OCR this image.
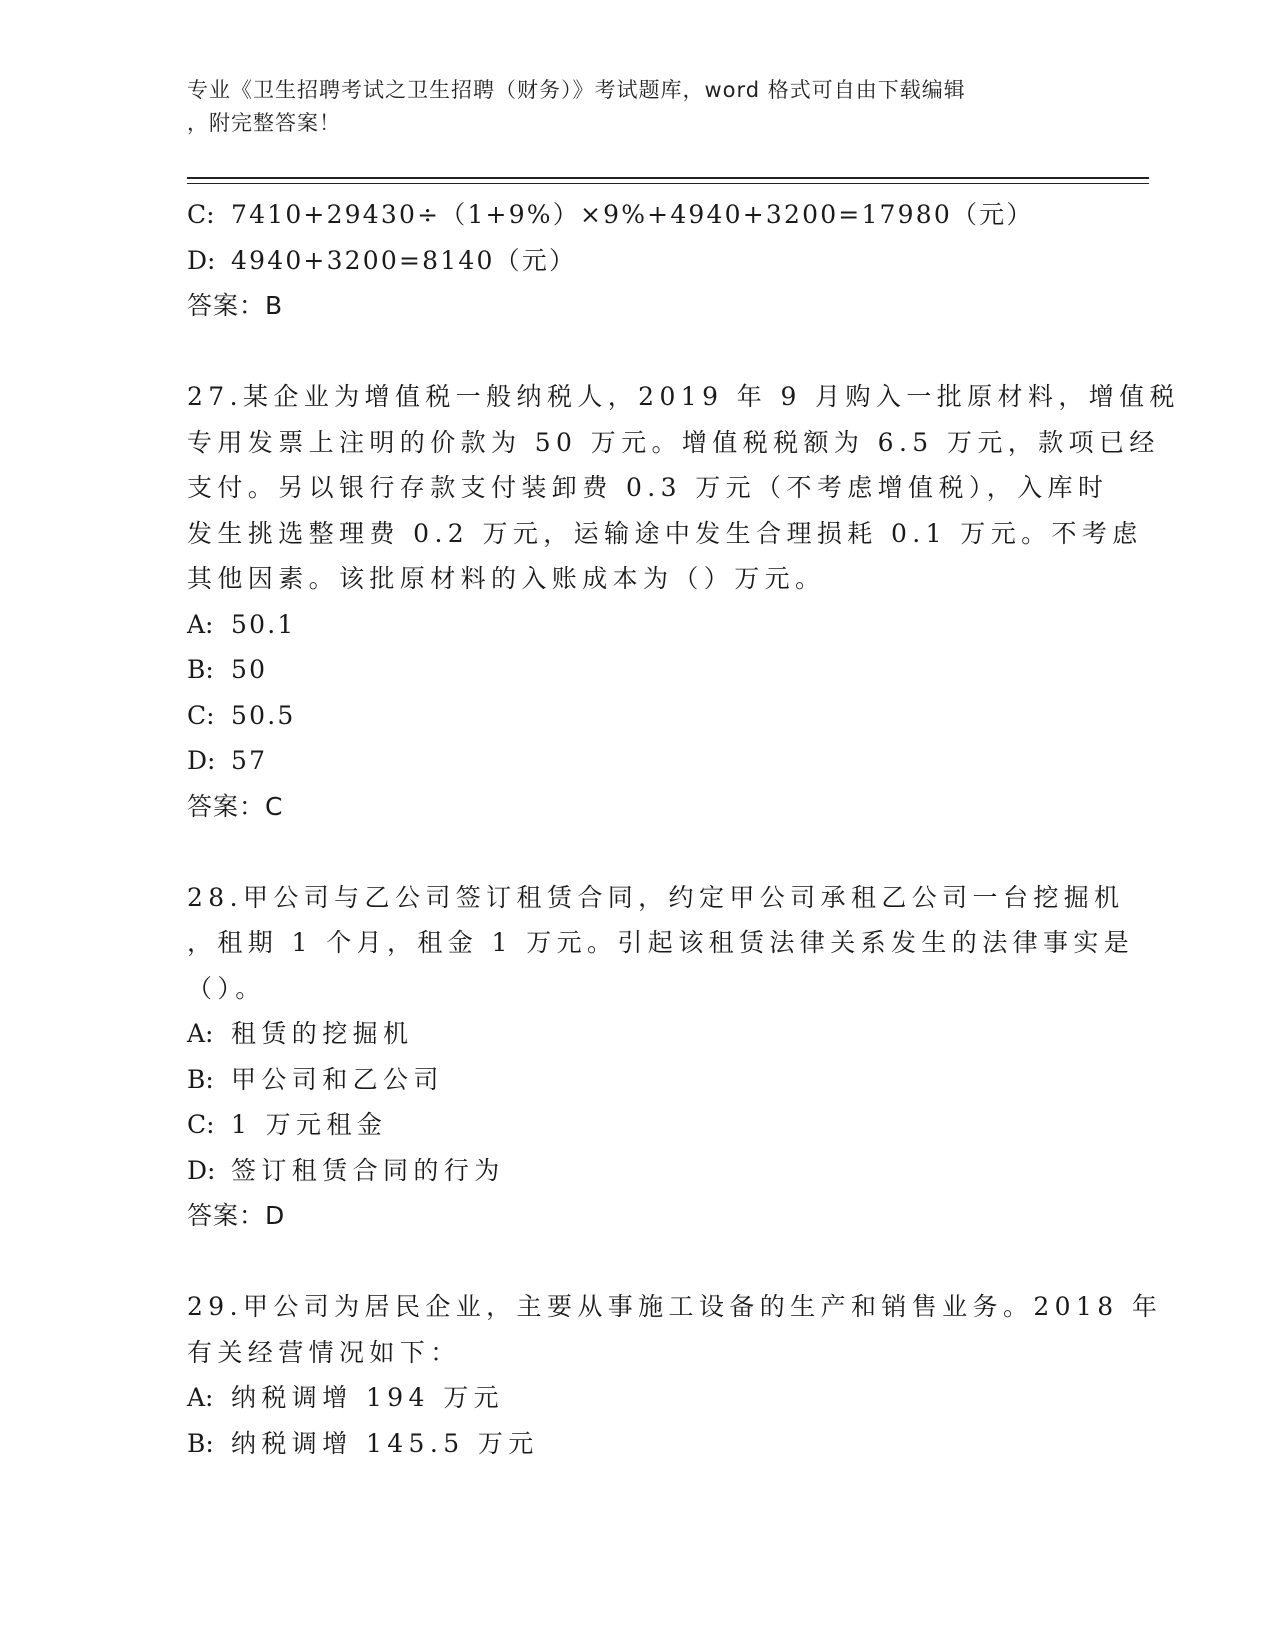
专业《卫生招聘考试之卫生招聘（财务）》考试题库，word 格式可自由下载编辑
，附完整答案！
C: 7410+29430÷（1+9%）×9%+4940+3200=17980（元）
D: 4940+3200=8140（元）
答案：B
27.某企业为增值税一般纳税人，2019 年 9 月购入一批原材料，增值税
专用发票上注明的价款为 50 万元。增值税税额为 6.5 万元，款项已经
支付。另以银行存款支付装卸费 0.3 万元（不考虑增值税），入库时
发生挑选整理费 0.2 万元，运输途中发生合理损耗 0.1 万元。不考虑
其他因素。该批原材料的入账成本为（）万元。
A: 50.1
B: 50
C: 50.5
D: 57
答案：C
28.甲公司与乙公司签订租赁合同，约定甲公司承租乙公司一台挖掘机
，租期 1 个月，租金 1 万元。引起该租赁法律关系发生的法律事实是
（）。
A: 租赁的挖掘机
B: 甲公司和乙公司
C: 1 万元租金
D: 签订租赁合同的行为
答案：D
29.甲公司为居民企业，主要从事施工设备的生产和销售业务。2018 年
有关经营情况如下：
A: 纳税调增 194 万元
B: 纳税调增 145.5 万元
